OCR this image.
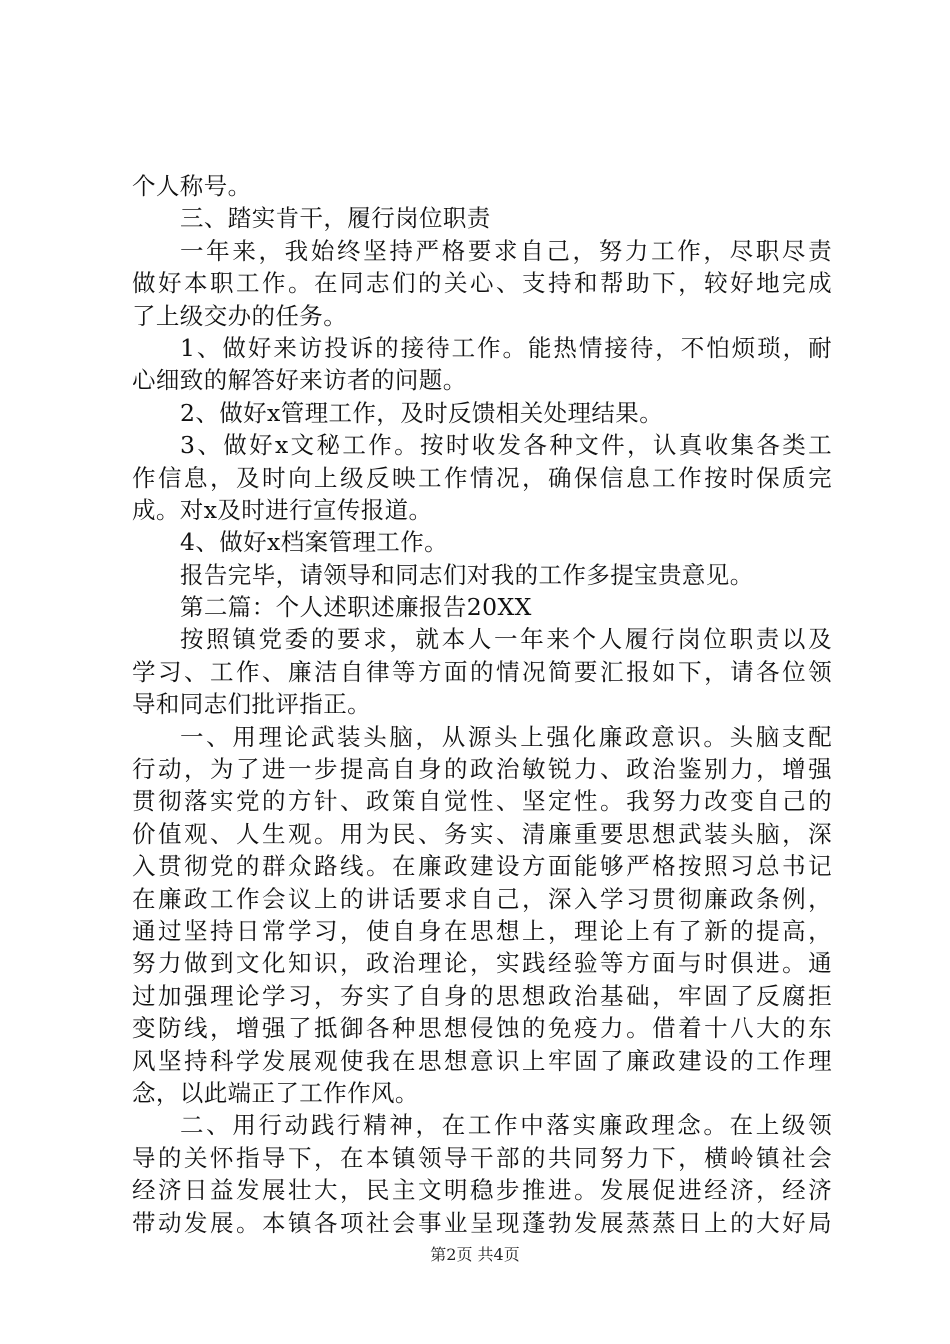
个人称号。
三、踏实肯干，履行岗位职责
一年来，我始终坚持严格要求自己，努力工作，尽职尽责
做好本职工作。在同志们的关心、支持和帮助下，较好地完成
了上级交办的任务。
1、做好来访投诉的接待工作。能热情接待，不怕烦琐，耐
心细致的解答好来访者的问题。
2、做好x管理工作，及时反馈相关处理结果。
3、做好x文秘工作。按时收发各种文件，认真收集各类工
作信息，及时向上级反映工作情况，确保信息工作按时保质完
成。对x及时进行宣传报道。
4、做好x档案管理工作。
报告完毕，请领导和同志们对我的工作多提宝贵意见。
第二篇：个人述职述廉报告20XX
按照镇党委的要求，就本人一年来个人履行岗位职责以及
学习、工作、廉洁自律等方面的情况简要汇报如下，请各位领
导和同志们批评指正。
一、用理论武装头脑，从源头上强化廉政意识。头脑支配
行动，为了进一步提高自身的政治敏锐力、政治鉴别力，增强
贯彻落实党的方针、政策自觉性、坚定性。我努力改变自己的
价值观、人生观。用为民、务实、清廉重要思想武装头脑，深
入贯彻党的群众路线。在廉政建设方面能够严格按照习总书记
在廉政工作会议上的讲话要求自己，深入学习贯彻廉政条例，
通过坚持日常学习，使自身在思想上，理论上有了新的提高，
努力做到文化知识，政治理论，实践经验等方面与时俱进。通
过加强理论学习，夯实了自身的思想政治基础，牢固了反腐拒
变防线，增强了抵御各种思想侵蚀的免疫力。借着十八大的东
风坚持科学发展观使我在思想意识上牢固了廉政建设的工作理
念，以此端正了工作作风。
二、用行动践行精神，在工作中落实廉政理念。在上级领
导的关怀指导下，在本镇领导干部的共同努力下，横岭镇社会
经济日益发展壮大，民主文明稳步推进。发展促进经济，经济
带动发展。本镇各项社会事业呈现蓬勃发展蒸蒸日上的大好局
第2页 共4页
